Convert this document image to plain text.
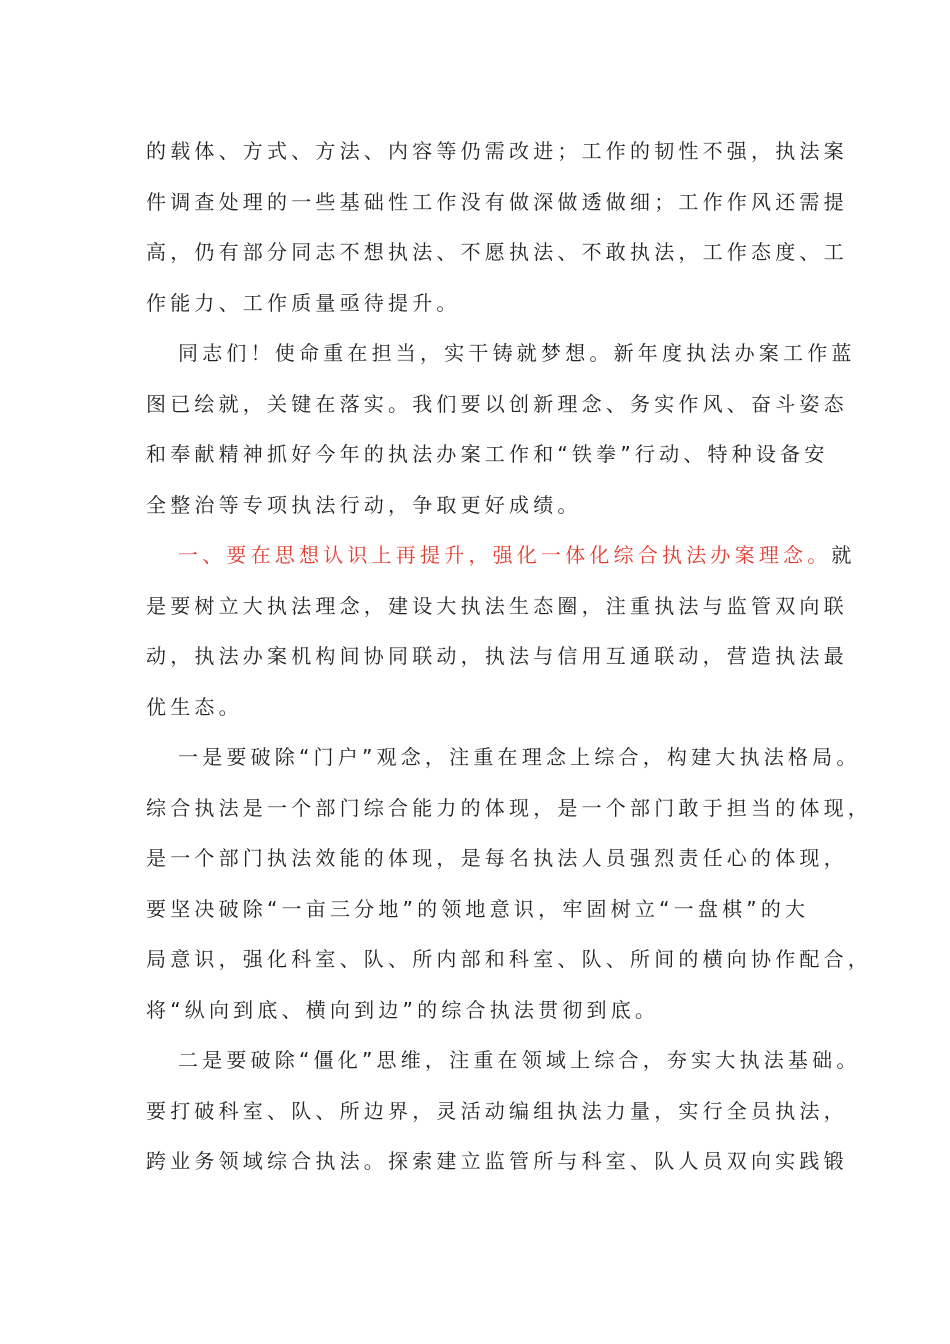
的载体、方式、方法、内容等仍需改进；工作的韧性不强，执法案
件调查处理的一些基础性工作没有做深做透做细；工作作风还需提
高，仍有部分同志不想执法、不愿执法、不敢执法，工作态度、工
作能力、工作质量亟待提升。
同志们！使命重在担当，实干铸就梦想。新年度执法办案工作蓝
图已绘就，关键在落实。我们要以创新理念、务实作风、奋斗姿态
和奉献精神抓好今年的执法办案工作和“铁拳”行动、特种设备安
全整治等专项执法行动，争取更好成绩。
一、要在思想认识上再提升，强化一体化综合执法办案理念。就
是要树立大执法理念，建设大执法生态圈，注重执法与监管双向联
动，执法办案机构间协同联动，执法与信用互通联动，营造执法最
优生态。
一是要破除“门户”观念，注重在理念上综合，构建大执法格局。
综合执法是一个部门综合能力的体现，是一个部门敢于担当的体现，
是一个部门执法效能的体现，是每名执法人员强烈责任心的体现，
要坚决破除“一亩三分地”的领地意识，牢固树立“一盘棋”的大
局意识，强化科室、队、所内部和科室、队、所间的横向协作配合，
将“纵向到底、横向到边”的综合执法贯彻到底。
二是要破除“僵化”思维，注重在领域上综合，夯实大执法基础。
要打破科室、队、所边界，灵活动编组执法力量，实行全员执法，
跨业务领域综合执法。探索建立监管所与科室、队人员双向实践锻
